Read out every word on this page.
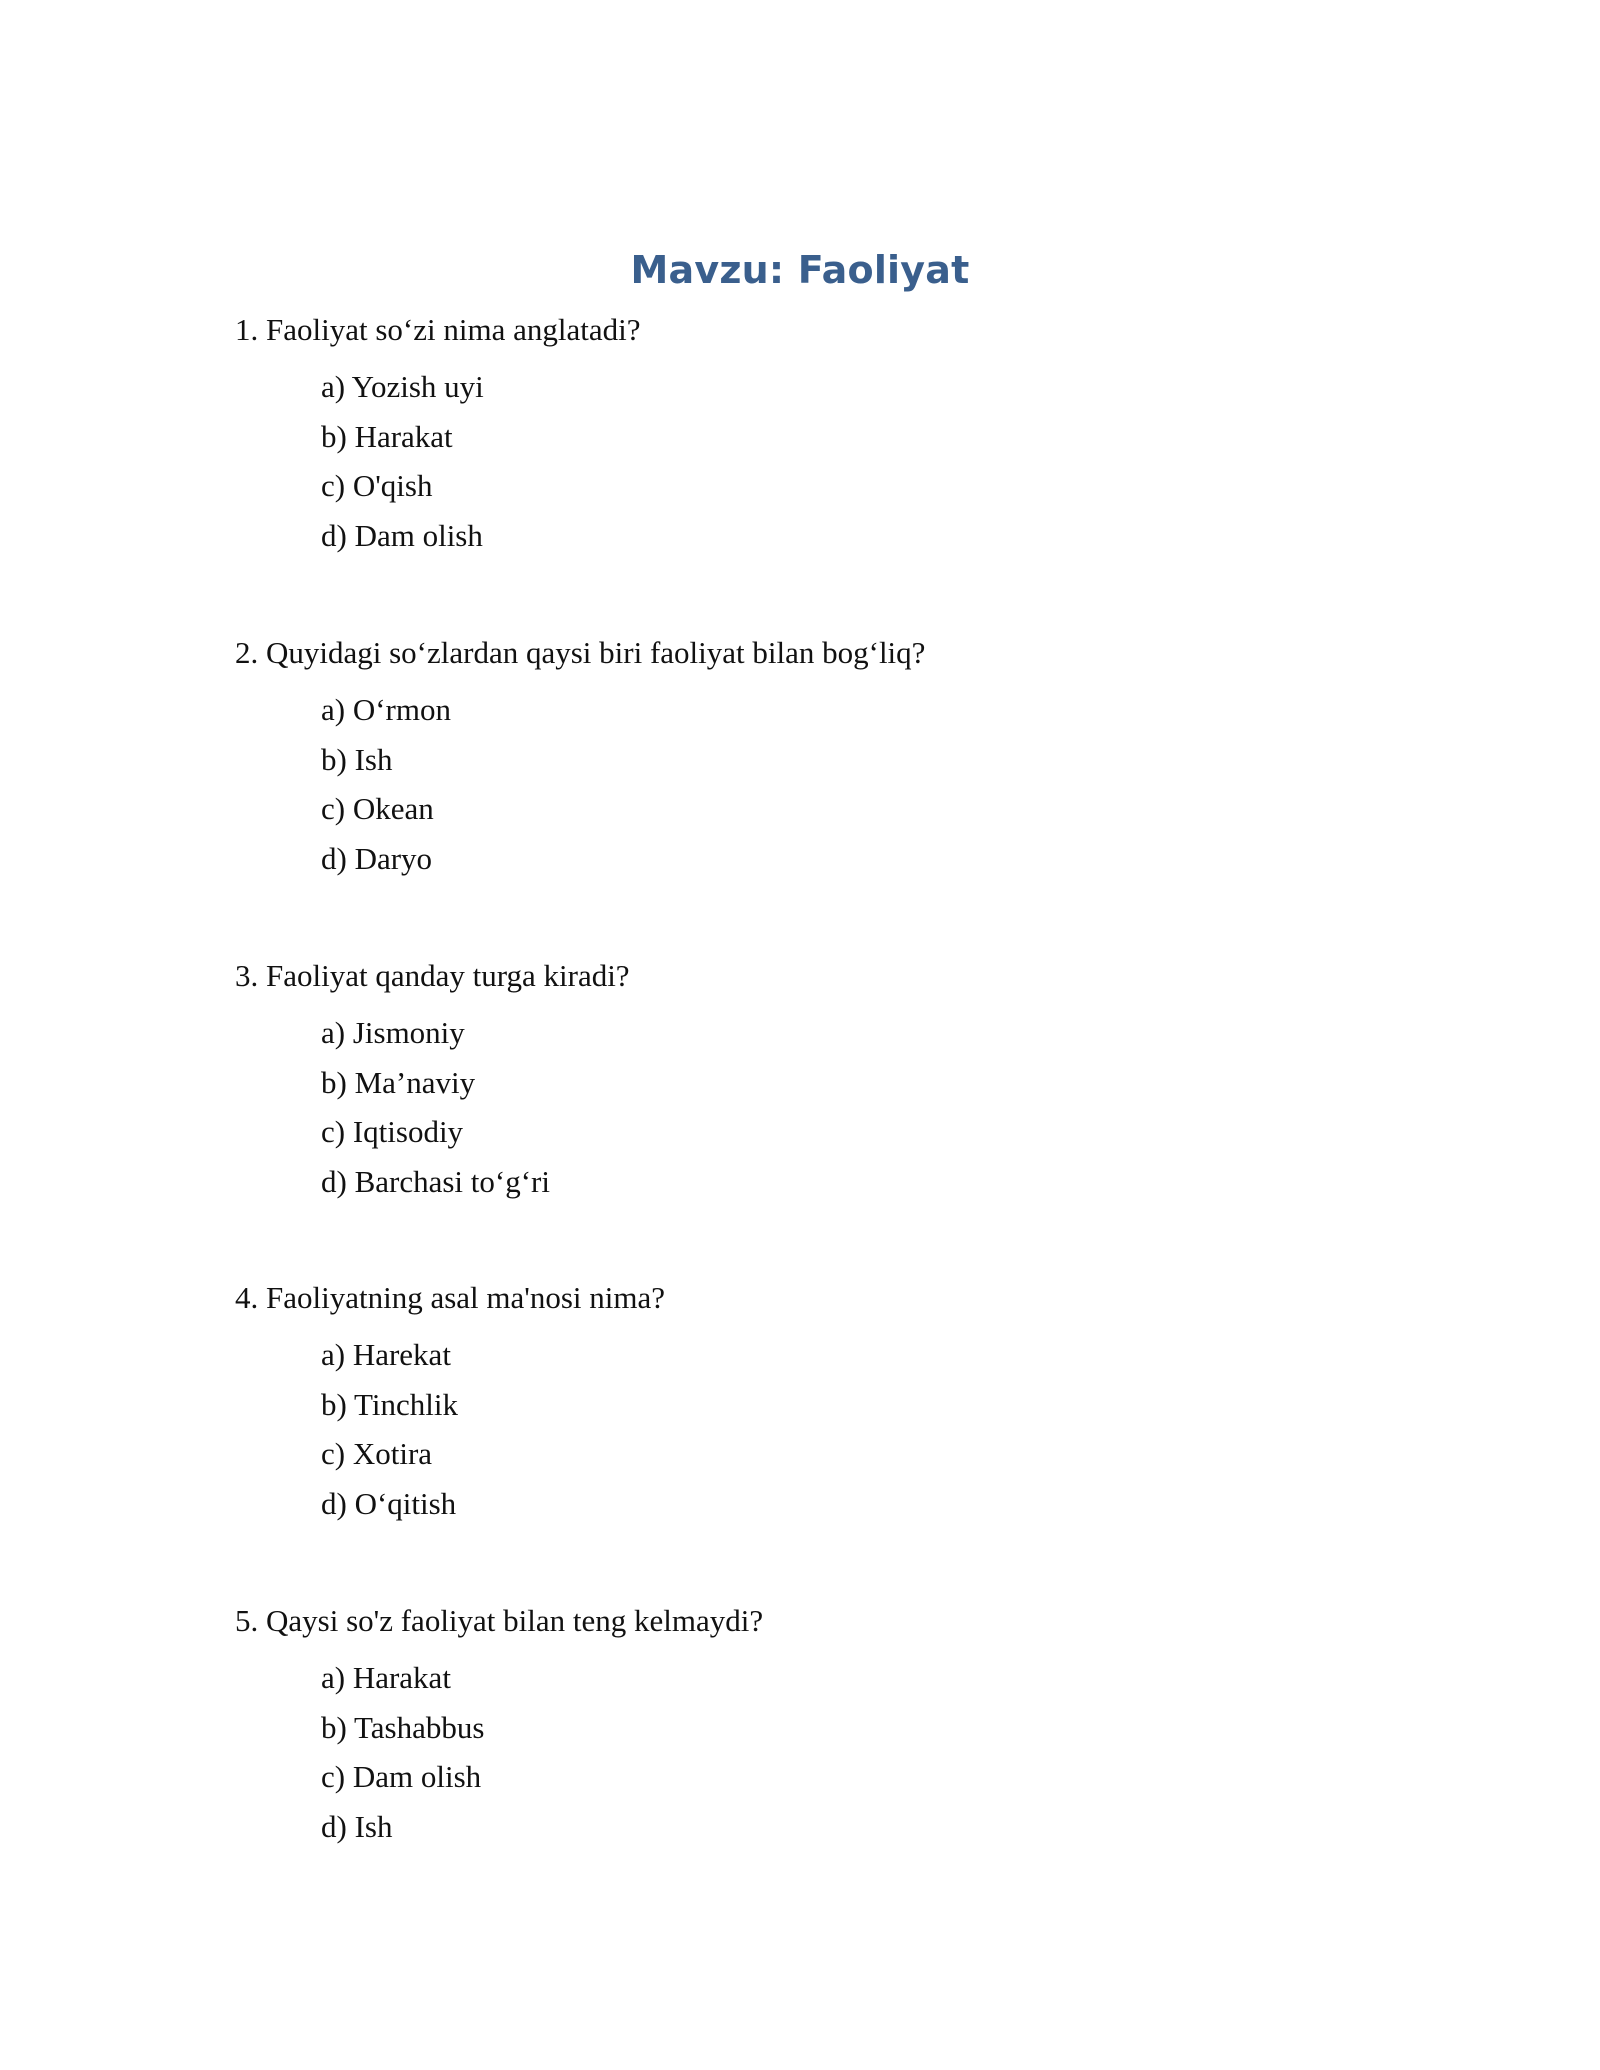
Mavzu: Faoliyat
1. Faoliyat so‘zi nima anglatadi?
a) Yozish uyi
b) Harakat
c) O'qish
d) Dam olish
2. Quyidagi so‘zlardan qaysi biri faoliyat bilan bog‘liq?
a) O‘rmon
b) Ish
c) Okean
d) Daryo
3. Faoliyat qanday turga kiradi?
a) Jismoniy
b) Ma’naviy
c) Iqtisodiy
d) Barchasi to‘g‘ri
4. Faoliyatning asal ma'nosi nima?
a) Harekat
b) Tinchlik
c) Xotira
d) O‘qitish
5. Qaysi so'z faoliyat bilan teng kelmaydi?
a) Harakat
b) Tashabbus
c) Dam olish
d) Ish
